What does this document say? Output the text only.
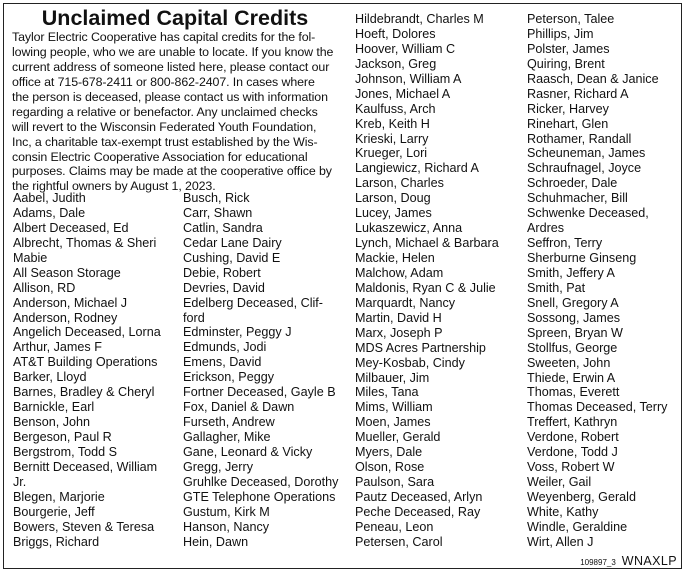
Unclaimed Capital Credits
Taylor Electric Cooperative has capital credits for the fol-
lowing people, who we are unable to locate. If you know the
current address of someone listed here, please contact our
office at 715-678-2411 or 800-862-2407. In cases where
the person is deceased, please contact us with information
regarding a relative or benefactor. Any unclaimed checks
will revert to the Wisconsin Federated Youth Foundation,
Inc, a charitable tax-exempt trust established by the Wis-
consin Electric Cooperative Association for educational
purposes. Claims may be made at the cooperative office by
the rightful owners by August 1, 2023.
Aabel, Judith
Adams, Dale
Albert Deceased, Ed
Albrecht, Thomas & Sheri
Mabie
All Season Storage
Allison, RD
Anderson, Michael J
Anderson, Rodney
Angelich Deceased, Lorna
Arthur, James F
AT&T Building Operations
Barker, Lloyd
Barnes, Bradley & Cheryl
Barnickle, Earl
Benson, John
Bergeson, Paul R
Bergstrom, Todd S
Bernitt Deceased, William
Jr.
Blegen, Marjorie
Bourgerie, Jeff
Bowers, Steven & Teresa
Briggs, Richard
Busch, Rick
Carr, Shawn
Catlin, Sandra
Cedar Lane Dairy
Cushing, David E
Debie, Robert
Devries, David
Edelberg Deceased, Clif-
ford
Edminster, Peggy J
Edmunds, Jodi
Emens, David
Erickson, Peggy
Fortner Deceased, Gayle B
Fox, Daniel & Dawn
Furseth, Andrew
Gallagher, Mike
Gane, Leonard & Vicky
Gregg, Jerry
Gruhlke Deceased, Dorothy
GTE Telephone Operations
Gustum, Kirk M
Hanson, Nancy
Hein, Dawn
Hildebrandt, Charles M
Hoeft, Dolores
Hoover, William C
Jackson, Greg
Johnson, William A
Jones, Michael A
Kaulfuss, Arch
Kreb, Keith H
Krieski, Larry
Krueger, Lori
Langiewicz, Richard A
Larson, Charles
Larson, Doug
Lucey, James
Lukaszewicz, Anna
Lynch, Michael & Barbara
Mackie, Helen
Malchow, Adam
Maldonis, Ryan C & Julie
Marquardt, Nancy
Martin, David H
Marx, Joseph P
MDS Acres Partnership
Mey-Kosbab, Cindy
Milbauer, Jim
Miles, Tana
Mims, William
Moen, James
Mueller, Gerald
Myers, Dale
Olson, Rose
Paulson, Sara
Pautz Deceased, Arlyn
Peche Deceased, Ray
Peneau, Leon
Petersen, Carol
Peterson, Talee
Phillips, Jim
Polster, James
Quiring, Brent
Raasch, Dean & Janice
Rasner, Richard A
Ricker, Harvey
Rinehart, Glen
Rothamer, Randall
Scheuneman, James
Schraufnagel, Joyce
Schroeder, Dale
Schuhmacher, Bill
Schwenke Deceased,
Ardres
Seffron, Terry
Sherburne Ginseng
Smith, Jeffery A
Smith, Pat
Snell, Gregory A
Sossong, James
Spreen, Bryan W
Stollfus, George
Sweeten, John
Thiede, Erwin A
Thomas, Everett
Thomas Deceased, Terry
Treffert, Kathryn
Verdone, Robert
Verdone, Todd J
Voss, Robert W
Weiler, Gail
Weyenberg, Gerald
White, Kathy
Windle, Geraldine
Wirt, Allen J
109897_3 WNAXLP
